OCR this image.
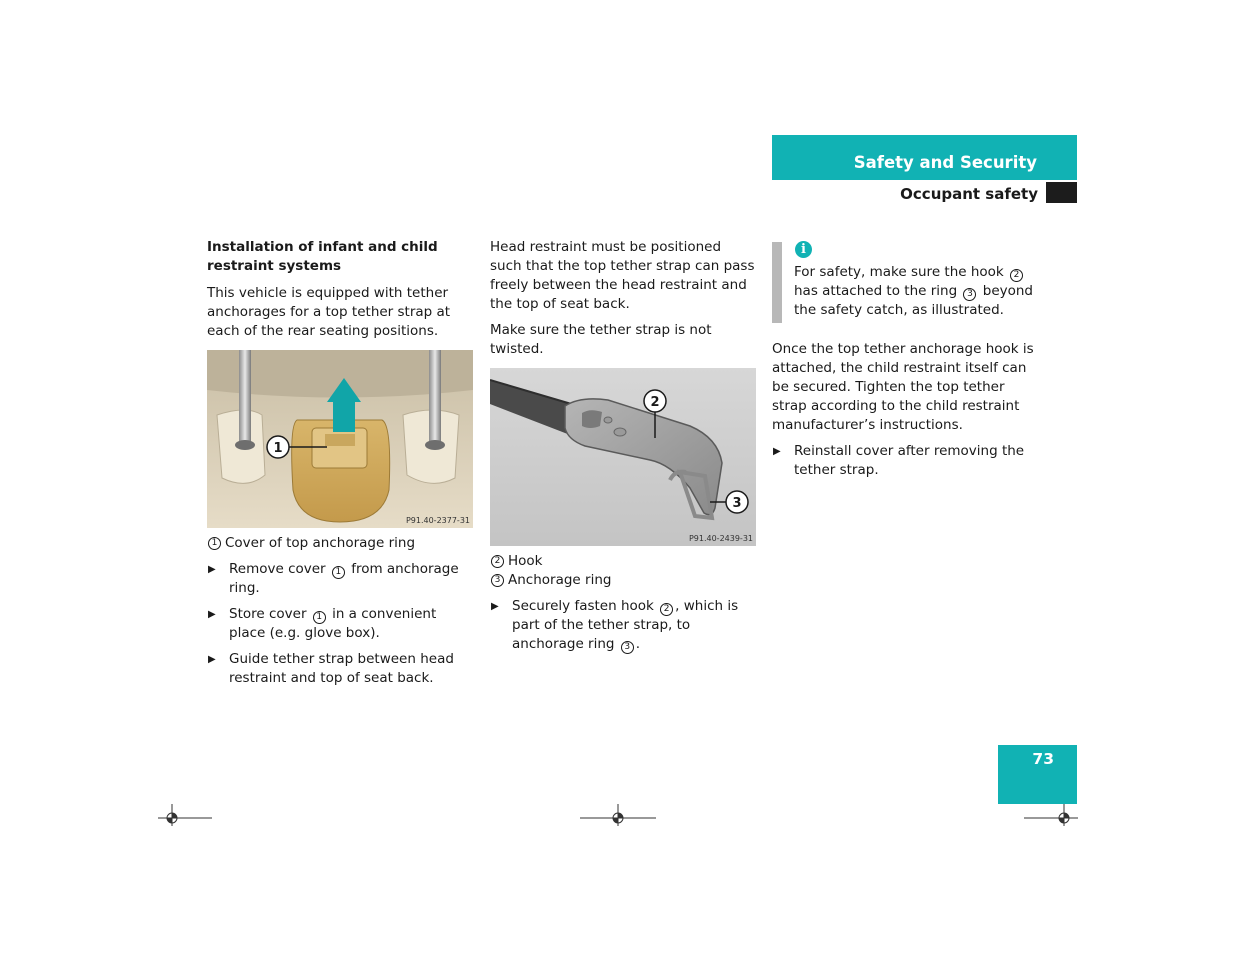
Safety and Security
Occupant safety

Installation of infant and child restraint systems

This vehicle is equipped with tether anchorages for a top tether strap at each of the rear seating positions.

1
P91.40-2377-31
1 Cover of top anchorage ring
▶ Remove cover 1 from anchorage ring.
▶ Store cover 1 in a convenient place (e.g. glove box).
▶ Guide tether strap between head restraint and top of seat back.

Head restraint must be positioned such that the top tether strap can pass freely between the head restraint and the top of seat back.

Make sure the tether strap is not twisted.

2
3
P91.40-2439-31
2 Hook
3 Anchorage ring
▶ Securely fasten hook 2 , which is part of the tether strap, to anchorage ring 3 .
i
For safety, make sure the hook 2 has attached to the ring 3 beyond the safety catch, as illustrated.

Once the top tether anchorage hook is attached, the child restraint itself can be secured. Tighten the top tether strap according to the child restraint manufacturer’s instructions.

▶ Reinstall cover after removing the tether strap.
73
